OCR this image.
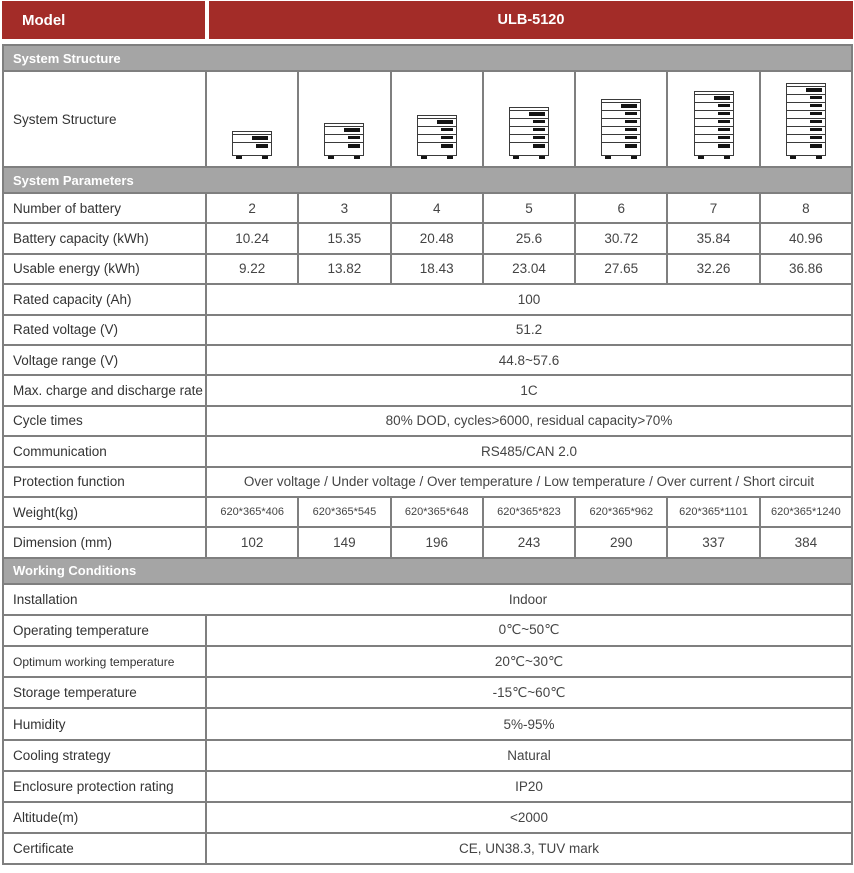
Model	ULB-5120
System Structure
System Structure
System Parameters
Number of battery	2	3	4	5	6	7	8
Battery capacity (kWh)	10.24	15.35	20.48	25.6	30.72	35.84	40.96
Usable energy (kWh)	9.22	13.82	18.43	23.04	27.65	32.26	36.86
Rated capacity (Ah)	100
Rated voltage (V)	51.2
Voltage range (V)	44.8~57.6
Max. charge and discharge rate	1C
Cycle times	80% DOD, cycles>6000, residual capacity>70%
Communication	RS485/CAN 2.0
Protection function	Over voltage / Under voltage / Over temperature / Low temperature / Over current / Short circuit
Weight(kg)	620*365*406	620*365*545	620*365*648	620*365*823	620*365*962	620*365*1101	620*365*1240
Dimension (mm)	102	149	196	243	290	337	384
Working Conditions
Installation	Indoor
Operating temperature	0℃~50℃
Optimum working temperature	20℃~30℃
Storage temperature	-15℃~60℃
Humidity	5%-95%
Cooling strategy	Natural
Enclosure protection rating	IP20
Altitude(m)	<2000
Certificate	CE, UN38.3, TUV mark
